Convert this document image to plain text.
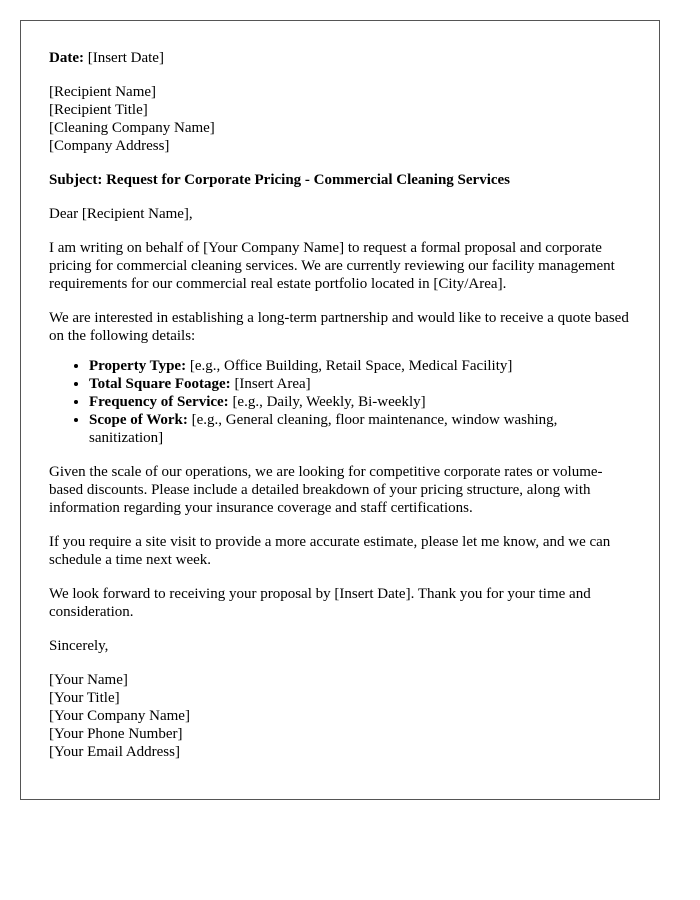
Date: [Insert Date]

[Recipient Name]
[Recipient Title]
[Cleaning Company Name]
[Company Address]

Subject: Request for Corporate Pricing - Commercial Cleaning Services

Dear [Recipient Name],

I am writing on behalf of [Your Company Name] to request a formal proposal and corporate pricing for commercial cleaning services. We are currently reviewing our facility management requirements for our commercial real estate portfolio located in [City/Area].

We are interested in establishing a long-term partnership and would like to receive a quote based on the following details:

• Property Type: [e.g., Office Building, Retail Space, Medical Facility]
• Total Square Footage: [Insert Area]
• Frequency of Service: [e.g., Daily, Weekly, Bi-weekly]
• Scope of Work: [e.g., General cleaning, floor maintenance, window washing, sanitization]

Given the scale of our operations, we are looking for competitive corporate rates or volume-based discounts. Please include a detailed breakdown of your pricing structure, along with information regarding your insurance coverage and staff certifications.

If you require a site visit to provide a more accurate estimate, please let me know, and we can schedule a time next week.

We look forward to receiving your proposal by [Insert Date]. Thank you for your time and consideration.

Sincerely,

[Your Name]
[Your Title]
[Your Company Name]
[Your Phone Number]
[Your Email Address]
